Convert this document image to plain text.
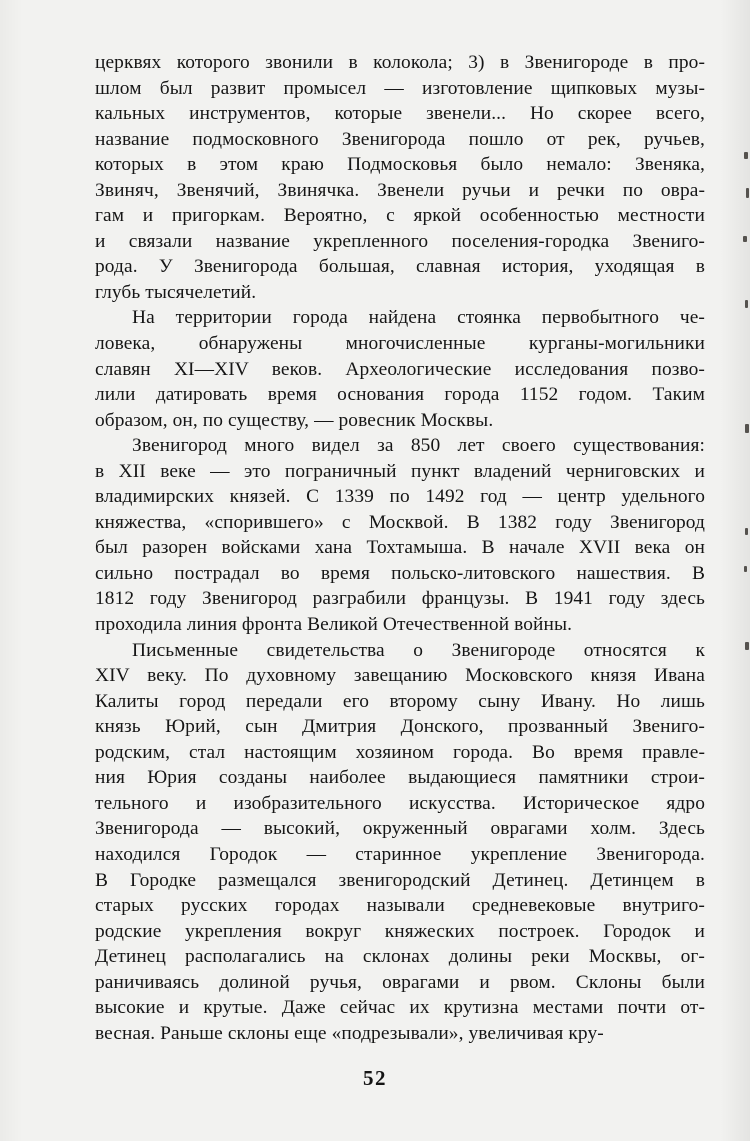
церквях которого звонили в колокола; 3) в Звенигороде в про-
шлом был развит промысел — изготовление щипковых музы-
кальных инструментов, которые звенели... Но скорее всего,
название подмосковного Звенигорода пошло от рек, ручьев,
которых в этом краю Подмосковья было немало: Звеняка,
Звиняч, Звенячий, Звинячка. Звенели ручьи и речки по овра-
гам и пригоркам. Вероятно, с яркой особенностью местности
и связали название укрепленного поселения-городка Звениго-
рода. У Звенигорода большая, славная история, уходящая в
глубь тысячелетий.
На территории города найдена стоянка первобытного че-
ловека, обнаружены многочисленные курганы-могильники
славян XI—XIV веков. Археологические исследования позво-
лили датировать время основания города 1152 годом. Таким
образом, он, по существу, — ровесник Москвы.
Звенигород много видел за 850 лет своего существования:
в XII веке — это пограничный пункт владений черниговских и
владимирских князей. С 1339 по 1492 год — центр удельного
княжества, «спорившего» с Москвой. В 1382 году Звенигород
был разорен войсками хана Тохтамыша. В начале XVII века он
сильно пострадал во время польско-литовского нашествия. В
1812 году Звенигород разграбили французы. В 1941 году здесь
проходила линия фронта Великой Отечественной войны.
Письменные свидетельства о Звенигороде относятся к
XIV веку. По духовному завещанию Московского князя Ивана
Калиты город передали его второму сыну Ивану. Но лишь
князь Юрий, сын Дмитрия Донского, прозванный Звениго-
родским, стал настоящим хозяином города. Во время правле-
ния Юрия созданы наиболее выдающиеся памятники строи-
тельного и изобразительного искусства. Историческое ядро
Звенигорода — высокий, окруженный оврагами холм. Здесь
находился Городок — старинное укрепление Звенигорода.
В Городке размещался звенигородский Детинец. Детинцем в
старых русских городах называли средневековые внутриго-
родские укрепления вокруг княжеских построек. Городок и
Детинец располагались на склонах долины реки Москвы, ог-
раничиваясь долиной ручья, оврагами и рвом. Склоны были
высокие и крутые. Даже сейчас их крутизна местами почти от-
весная. Раньше склоны еще «подрезывали», увеличивая кру-
52
